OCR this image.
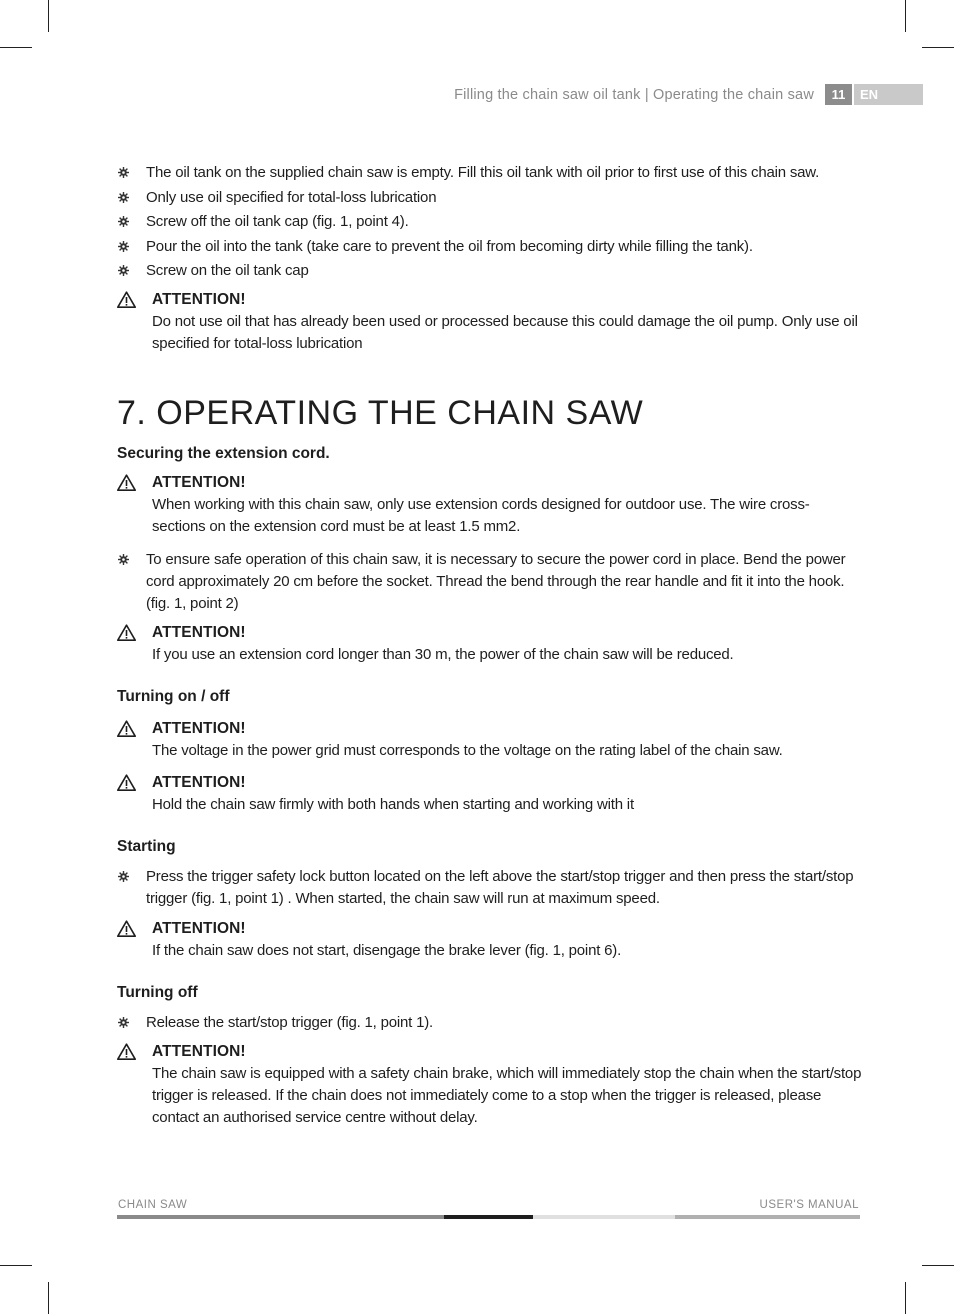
Filling the chain saw oil tank | Operating the chain saw	11	EN

The oil tank on the supplied chain saw is empty. Fill this oil tank with oil prior to first use of this chain saw.

Only use oil specified for total-loss lubrication

Screw off the oil tank cap (fig. 1, point 4).

Pour the oil into the tank (take care to prevent the oil from becoming dirty while filling the tank).

Screw on the oil tank cap

ATTENTION!
Do not use oil that has already been used or processed because this could damage the oil pump. Only use oil specified for total-loss lubrication
7. OPERATING THE CHAIN SAW

Securing the extension cord.

ATTENTION!
When working with this chain saw, only use extension cords designed for outdoor use. The wire cross-sections on the extension cord must be at least 1.5 mm2.

To ensure safe operation of this chain saw, it is necessary to secure the power cord in place. Bend the power cord approximately 20 cm before the socket. Thread the bend through the rear handle and fit it into the hook. (fig. 1, point 2)

ATTENTION!
If you use an extension cord longer than 30 m, the power of the chain saw will be reduced.

Turning on / off

ATTENTION!
The voltage in the power grid must corresponds to the voltage on the rating label of the chain saw.
ATTENTION!
Hold the chain saw firmly with both hands when starting and working with it

Starting

Press the trigger safety lock button located on the left above the start/stop trigger and then press the start/stop trigger (fig. 1, point 1) . When started, the chain saw will run at maximum speed.

ATTENTION!
If the chain saw does not start, disengage the brake lever (fig. 1, point 6).

Turning off

Release the start/stop trigger (fig. 1, point 1).

ATTENTION!
The chain saw is equipped with a safety chain brake, which will immediately stop the chain when the start/stop trigger is released. If the chain does not immediately come to a stop when the trigger is released, please contact an authorised service centre without delay.
CHAIN SAW	USER'S MANUAL
